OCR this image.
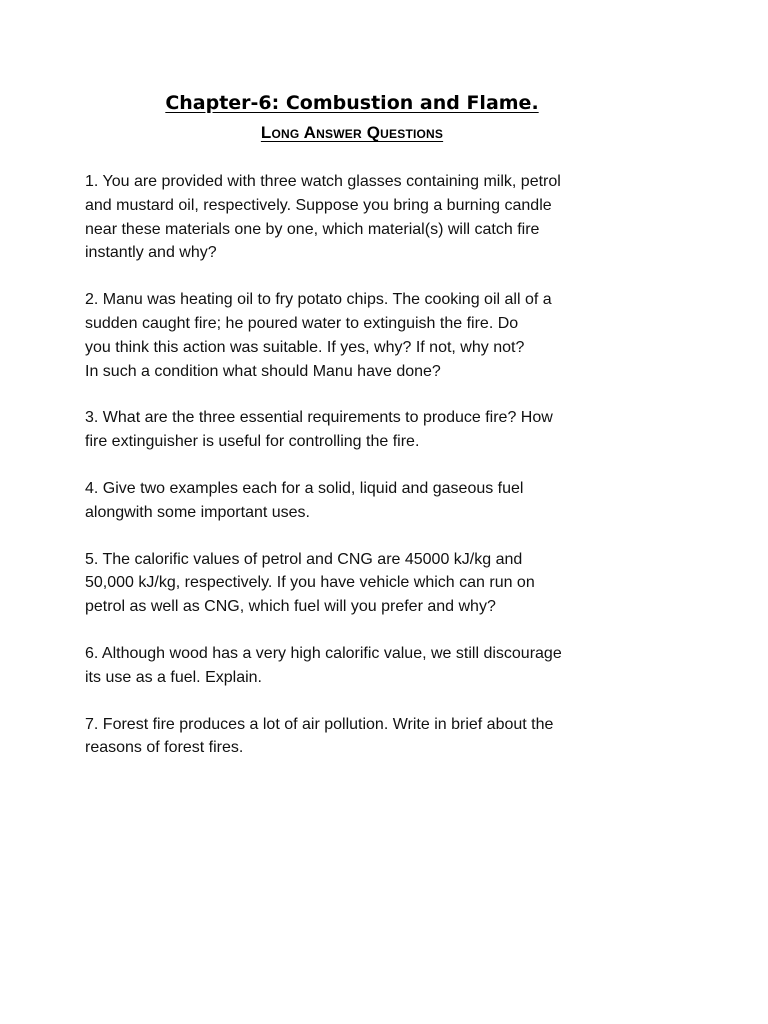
Chapter-6: Combustion and Flame.
Long Answer Questions
1. You are provided with three watch glasses containing milk, petrol
and mustard oil, respectively. Suppose you bring a burning candle
near these materials one by one, which material(s) will catch fire
instantly and why?
2. Manu was heating oil to fry potato chips. The cooking oil all of a
sudden caught fire; he poured water to extinguish the fire. Do
you think this action was suitable. If yes, why? If not, why not?
In such a condition what should Manu have done?
3. What are the three essential requirements to produce fire? How
fire extinguisher is useful for controlling the fire.
4. Give two examples each for a solid, liquid and gaseous fuel
alongwith some important uses.
5. The calorific values of petrol and CNG are 45000 kJ/kg and
50,000 kJ/kg, respectively. If you have vehicle which can run on
petrol as well as CNG, which fuel will you prefer and why?
6. Although wood has a very high calorific value, we still discourage
its use as a fuel. Explain.
7. Forest fire produces a lot of air pollution. Write in brief about the
reasons of forest fires.
